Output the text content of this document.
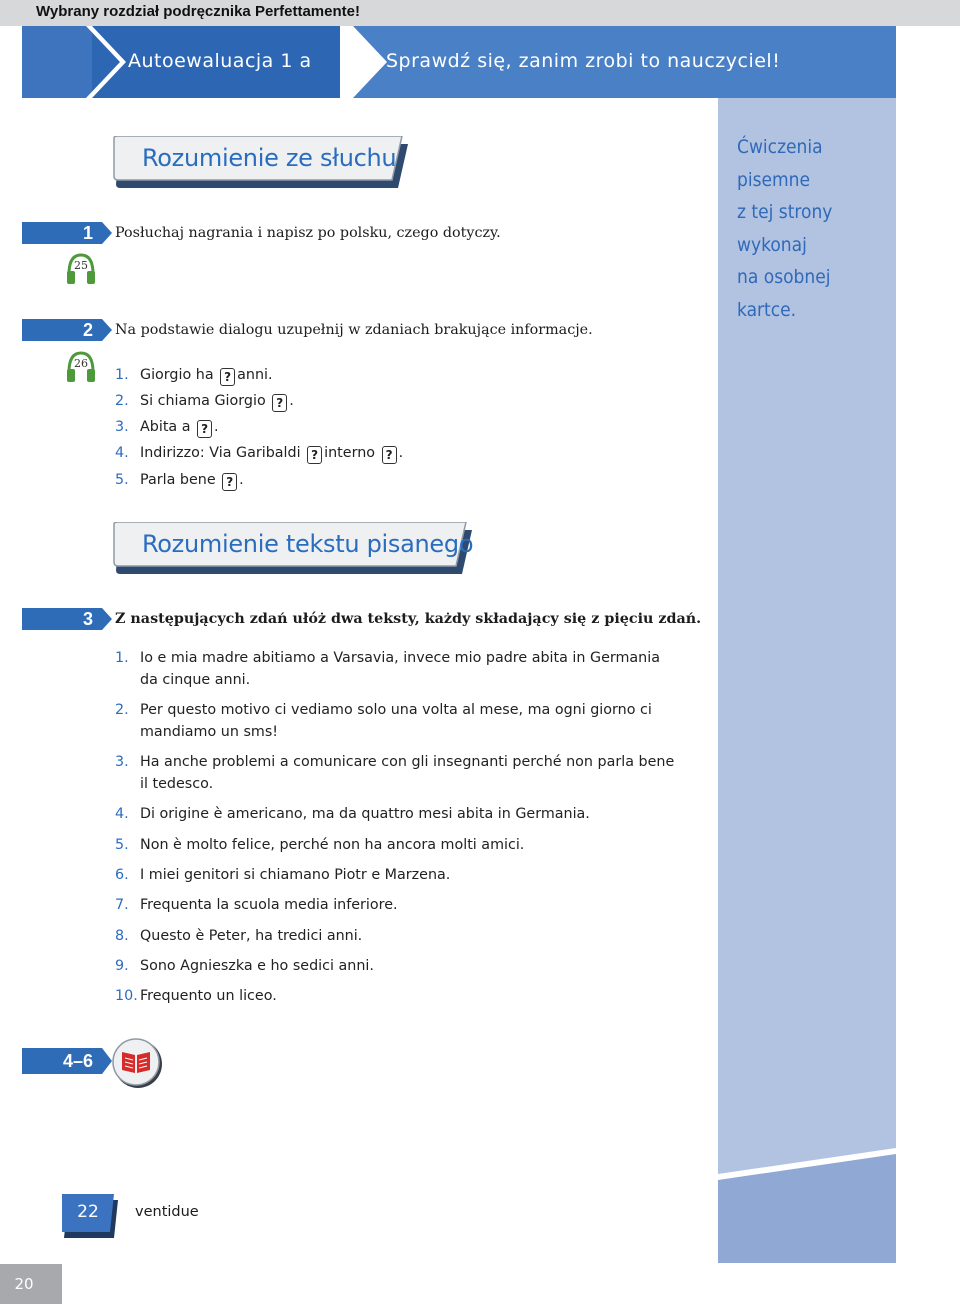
Wybrany rozdział podręcznika Perfettamente!
Autoewaluacja 1 a	Sprawdź się, zanim zrobi to nauczyciel!
Ćwiczenia
pisemne
z tej strony
wykonaj
na osobnej
kartce.
Rozumienie ze słuchu
1	Posłuchaj nagrania i napisz po polsku, czego dotyczy.
25
2	Na podstawie dialogu uzupełnij w zdaniach brakujące informacje.
26
1. Giorgio ha ? anni.
2. Si chiama Giorgio ? .
3. Abita a ? .
4. Indirizzo: Via Garibaldi ? interno ? .
5. Parla bene ? .
Rozumienie tekstu pisanego
3	Z następujących zdań ułóż dwa teksty, każdy składający się z pięciu zdań.
1. Io e mia madre abitiamo a Varsavia, invece mio padre abita in Germania da cinque anni.
2. Per questo motivo ci vediamo solo una volta al mese, ma ogni giorno ci mandiamo un sms!
3. Ha anche problemi a comunicare con gli insegnanti perché non parla bene il tedesco.
4. Di origine è americano, ma da quattro mesi abita in Germania.
5. Non è molto felice, perché non ha ancora molti amici.
6. I miei genitori si chiamano Piotr e Marzena.
7. Frequenta la scuola media inferiore.
8. Questo è Peter, ha tredici anni.
9. Sono Agnieszka e ho sedici anni.
10. Frequento un liceo.
4–6
22	ventidue
20
